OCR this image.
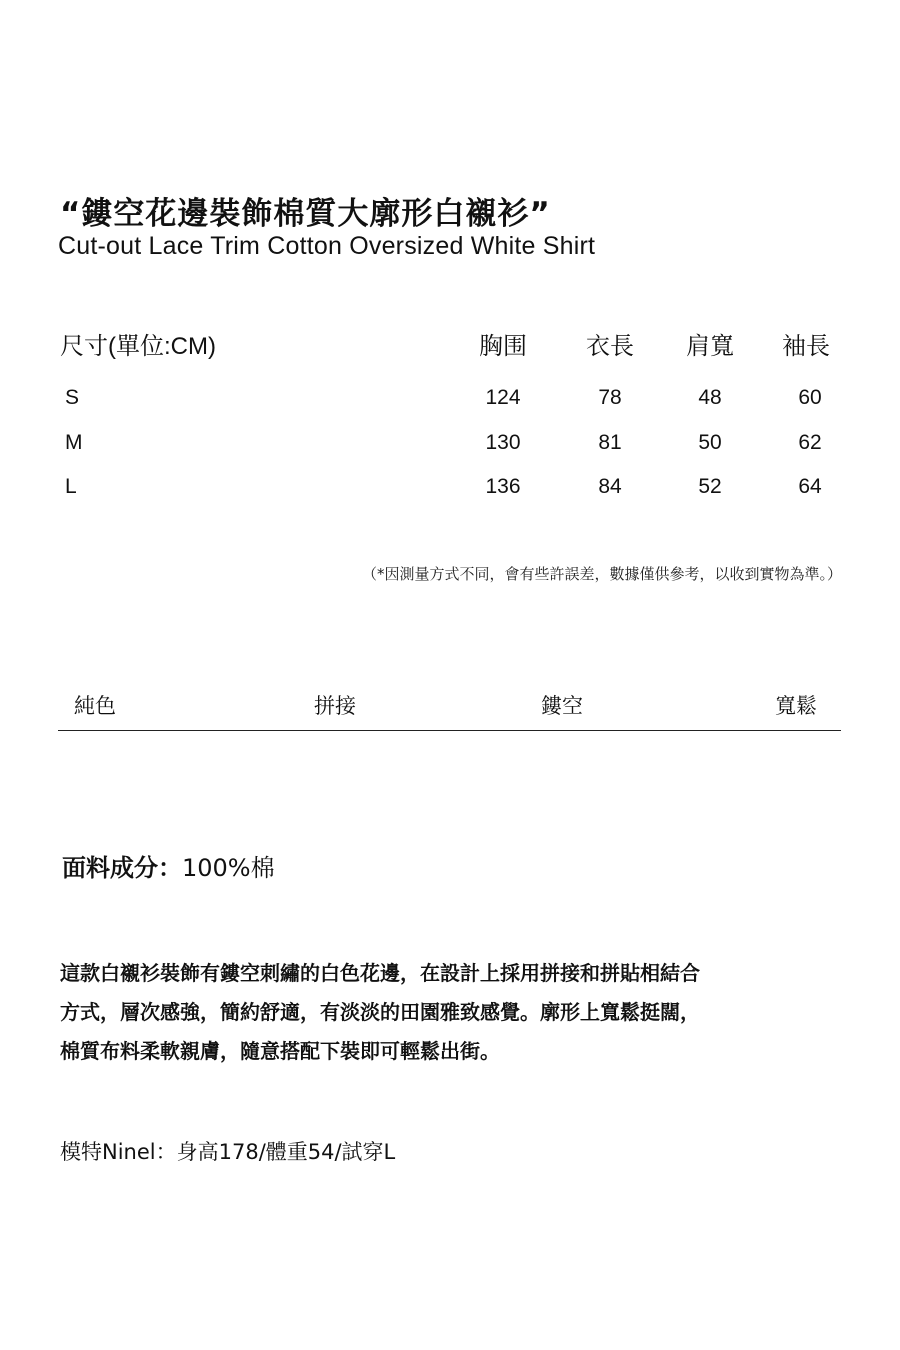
“鏤空花邊裝飾棉質大廓形白襯衫”
Cut-out Lace Trim Cotton Oversized White Shirt
尺寸(單位:CM)	胸围	衣長	肩寬	袖長
S	124	78	48	60
M	130	81	50	62
L	136	84	52	64
（*因測量方式不同，會有些許誤差，數據僅供參考，以收到實物為準。）
純色	拼接	鏤空	寬鬆
面料成分：100%棉
這款白襯衫裝飾有鏤空刺繡的白色花邊，在設計上採用拼接和拼貼相結合
方式，層次感強，簡約舒適，有淡淡的田園雅致感覺。廓形上寬鬆挺闊，
棉質布料柔軟親膚，隨意搭配下裝即可輕鬆出街。
模特Ninel：身高178/體重54/試穿L
